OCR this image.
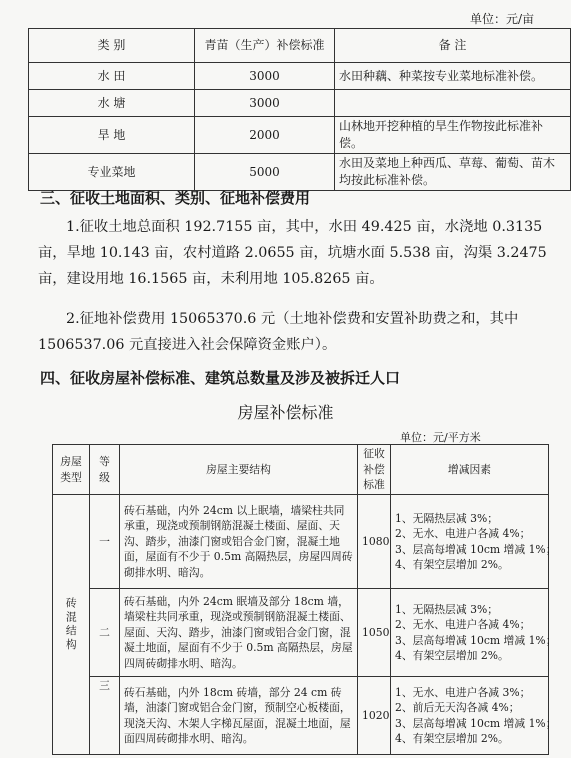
单位：元/亩
类 别	青苗（生产）补偿标准	备 注
水 田	3000	水田种藕、种菜按专业菜地标准补偿。
水 塘	3000	
旱 地	2000	山林地开挖种植的旱生作物按此标准补偿。
专业菜地	5000	水田及菜地上种西瓜、草莓、葡萄、苗木均按此标准补偿。
三、征收土地面积、类别、征地补偿费用
1.征收土地总面积 192.7155 亩，其中，水田 49.425 亩，水浇地 0.3135 亩，旱地 10.143 亩，农村道路 2.0655 亩，坑塘水面 5.538 亩，沟渠 3.2475 亩，建设用地 16.1565 亩，未利用地 105.8265 亩。
2.征地补偿费用 15065370.6 元（土地补偿费和安置补助费之和，其中 1506537.06 元直接进入社会保障资金账户）。
四、征收房屋补偿标准、建筑总数量及涉及被拆迁人口
房屋补偿标准
单位：元/平方米
房屋类型	等级	房屋主要结构	征收补偿标准	增减因素

砖混结构	一	砖石基础，内外 24cm 以上眠墙，墙梁柱共同承重，现浇或预制钢筋混凝土楼面、屋面、天沟、踏步，油漆门窗或铝合金门窗，混凝土地面，屋面有不少于 0.5m 高隔热层，房屋四周砖砌排水明、暗沟。	1080	1、无隔热层减 3%；
2、无水、电进户各减 4%；
3、层高每增减 10cm 增减 1%；
4、有架空层增加 2%。

	二	砖石基础，内外 24cm 眠墙及部分 18cm 墙，墙梁柱共同承重，现浇或预制钢筋混凝土楼面、屋面、天沟、踏步，油漆门窗或铝合金门窗，混凝土地面，屋面有不少于 0.5m 高隔热层，房屋四周砖砌排水明、暗沟。	1050	1、无隔热层减 3%；
2、无水、电进户各减 4%；
3、层高每增减 10cm 增减 1%；
4、有架空层增加 2%。

	三	砖石基础，内外 18cm 砖墙，部分 24 cm 砖墙，油漆门窗或铝合金门窗，预制空心板楼面，现浇天沟、木架人字梯瓦屋面，混凝土地面，屋面四周砖砌排水明、暗沟。	1020	1、无水、电进户各减 3%；
2、前后无天沟各减 4%；
3、层高每增减 10cm 增减 1%；
4、有架空层增加 2%。
